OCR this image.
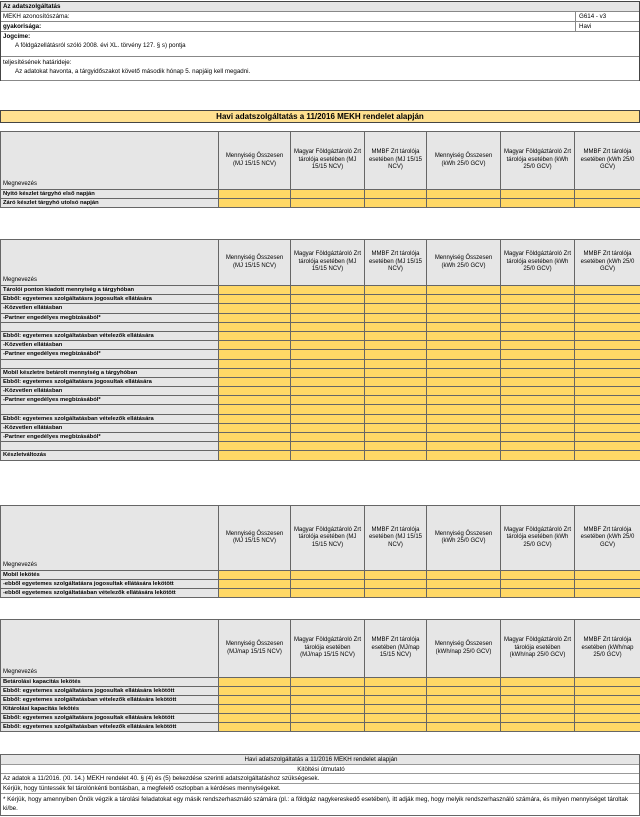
Az adatszolgáltatás
MEKH azonosítószáma:	G614 - v3
gyakorisága:	Havi
Jogcíme:
A földgázellátásról szóló 2008. évi XL. törvény 127. § s) pontja
teljesítésének határideje:
Az adatokat havonta, a tárgyidőszakot követő második hónap 5. napjáig kell megadni.
Havi adatszolgáltatás a 11/2016 MEKH rendelet alapján
Megnevezés	Mennyiség Összesen (MJ 15/15 NCV)	Magyar Földgáztároló Zrt tárolója esetében (MJ 15/15 NCV)	MMBF Zrt tárolója esetében (MJ 15/15 NCV)	Mennyiség Összesen (kWh 25/0 GCV)	Magyar Földgáztároló Zrt tárolója esetében (kWh 25/0 GCV)	MMBF Zrt tárolója esetében (kWh 25/0 GCV)
Nyitó készlet tárgyhó első napján						
Záró készlet tárgyhó utolsó napján						
Megnevezés	Mennyiség Összesen (MJ 15/15 NCV)	Magyar Földgáztároló Zrt tárolója esetében (MJ 15/15 NCV)	MMBF Zrt tárolója esetében (MJ 15/15 NCV)	Mennyiség Összesen (kWh 25/0 GCV)	Magyar Földgáztároló Zrt tárolója esetében (kWh 25/0 GCV)	MMBF Zrt tárolója esetében (kWh 25/0 GCV)
Tárolói ponton kiadott mennyiség a tárgyhóban						
Ebből: egyetemes szolgáltatásra jogosultak ellátására						
-Közvetlen ellátásban						
-Partner engedélyes megbízásából*						

Ebből: egyetemes szolgáltatásban vételezők ellátására						
-Közvetlen ellátásban						
-Partner engedélyes megbízásából*						

Mobil készletre betárolt mennyiség a tárgyhóban						
Ebből: egyetemes szolgáltatásra jogosultak ellátására						
-Közvetlen ellátásban						
-Partner engedélyes megbízásából*						

Ebből: egyetemes szolgáltatásban vételezők ellátására						
-Közvetlen ellátásban						
-Partner engedélyes megbízásából*						

Készletváltozás						
Megnevezés	Mennyiség Összesen (MJ 15/15 NCV)	Magyar Földgáztároló Zrt tárolója esetében (MJ 15/15 NCV)	MMBF Zrt tárolója esetében (MJ 15/15 NCV)	Mennyiség Összesen (kWh 25/0 GCV)	Magyar Földgáztároló Zrt tárolója esetében (kWh 25/0 GCV)	MMBF Zrt tárolója esetében (kWh 25/0 GCV)
Mobil lekötés						
-ebből egyetemes szolgáltatásra jogosultak ellátására lekötött						
-ebből egyetemes szolgáltatásban vételezők ellátására lekötött						
Megnevezés	Mennyiség Összesen (MJ/nap 15/15 NCV)	Magyar Földgáztároló Zrt tárolója esetében (MJ/nap 15/15 NCV)	MMBF Zrt tárolója esetében (MJ/nap 15/15 NCV)	Mennyiség Összesen (kWh/nap 25/0 GCV)	Magyar Földgáztároló Zrt tárolója esetében (kWh/nap 25/0 GCV)	MMBF Zrt tárolója esetében (kWh/nap 25/0 GCV)
Betárolási kapacitás lekötés						
Ebből: egyetemes szolgáltatásra jogosultak ellátására lekötött						
Ebből: egyetemes szolgáltatásban vételezők ellátására lekötött						
Kitárolási kapacitás lekötés						
Ebből: egyetemes szolgáltatásra jogosultak ellátására lekötött						
Ebből: egyetemes szolgáltatásban vételezők ellátására lekötött						
Havi adatszolgáltatás a 11/2016 MEKH rendelet alapján
Kitöltési útmutató
Az adatok a 11/2016. (XI. 14.) MEKH rendelet 40. § (4) és (5) bekezdése szerinti adatszolgáltatáshoz szükségesek.
Kérjük, hogy tüntessék fel tárolónkénti bontásban, a megfelelő oszlopban a kérdéses mennyiségeket.
* Kérjük, hogy amennyiben Önök végzik a tárolási feladatokat egy másik rendszerhasználó számára (pl.: a földgáz nagykereskedő esetében), itt adják meg, hogy melyik rendszerhasználó számára, és milyen mennyiséget tároltak ki/be.
